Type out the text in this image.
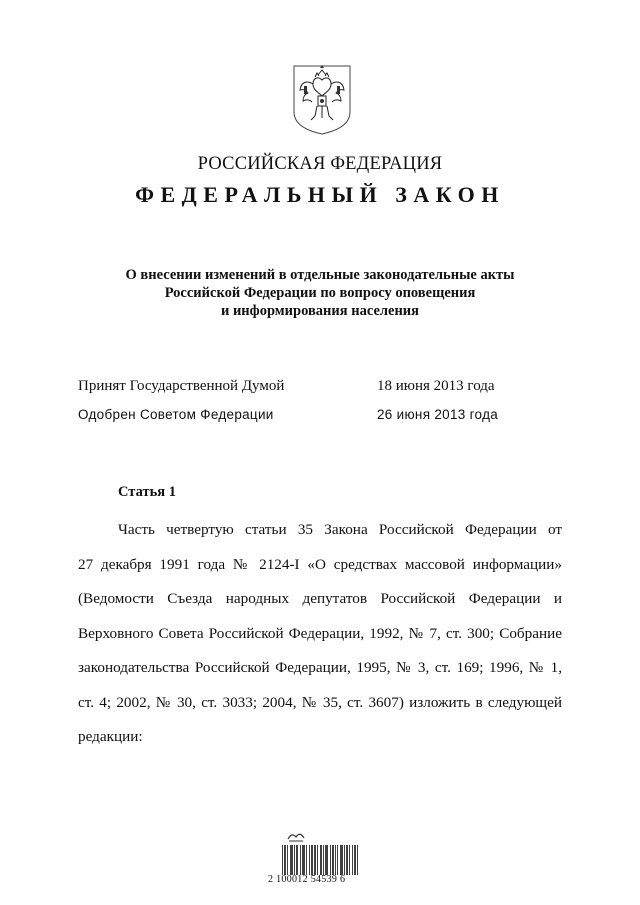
РОССИЙСКАЯ ФЕДЕРАЦИЯ
ФЕДЕРАЛЬНЫЙ ЗАКОН
О внесении изменений в отдельные законодательные акты
Российской Федерации по вопросу оповещения
и информирования населения
Принят Государственной Думой	18 июня 2013 года
Одобрен Советом Федерации	26 июня 2013 года
Статья 1
Часть четвертую статьи 35 Закона Российской Федерации от
27 декабря 1991 года № 2124-I «О средствах массовой информации»
(Ведомости Съезда народных депутатов Российской Федерации и
Верховного Совета Российской Федерации, 1992, № 7, ст. 300; Собрание
законодательства Российской Федерации, 1995, № 3, ст. 169; 1996, № 1,
ст. 4; 2002, № 30, ст. 3033; 2004, № 35, ст. 3607) изложить в следующей
редакции:
2 100012 54539 6
